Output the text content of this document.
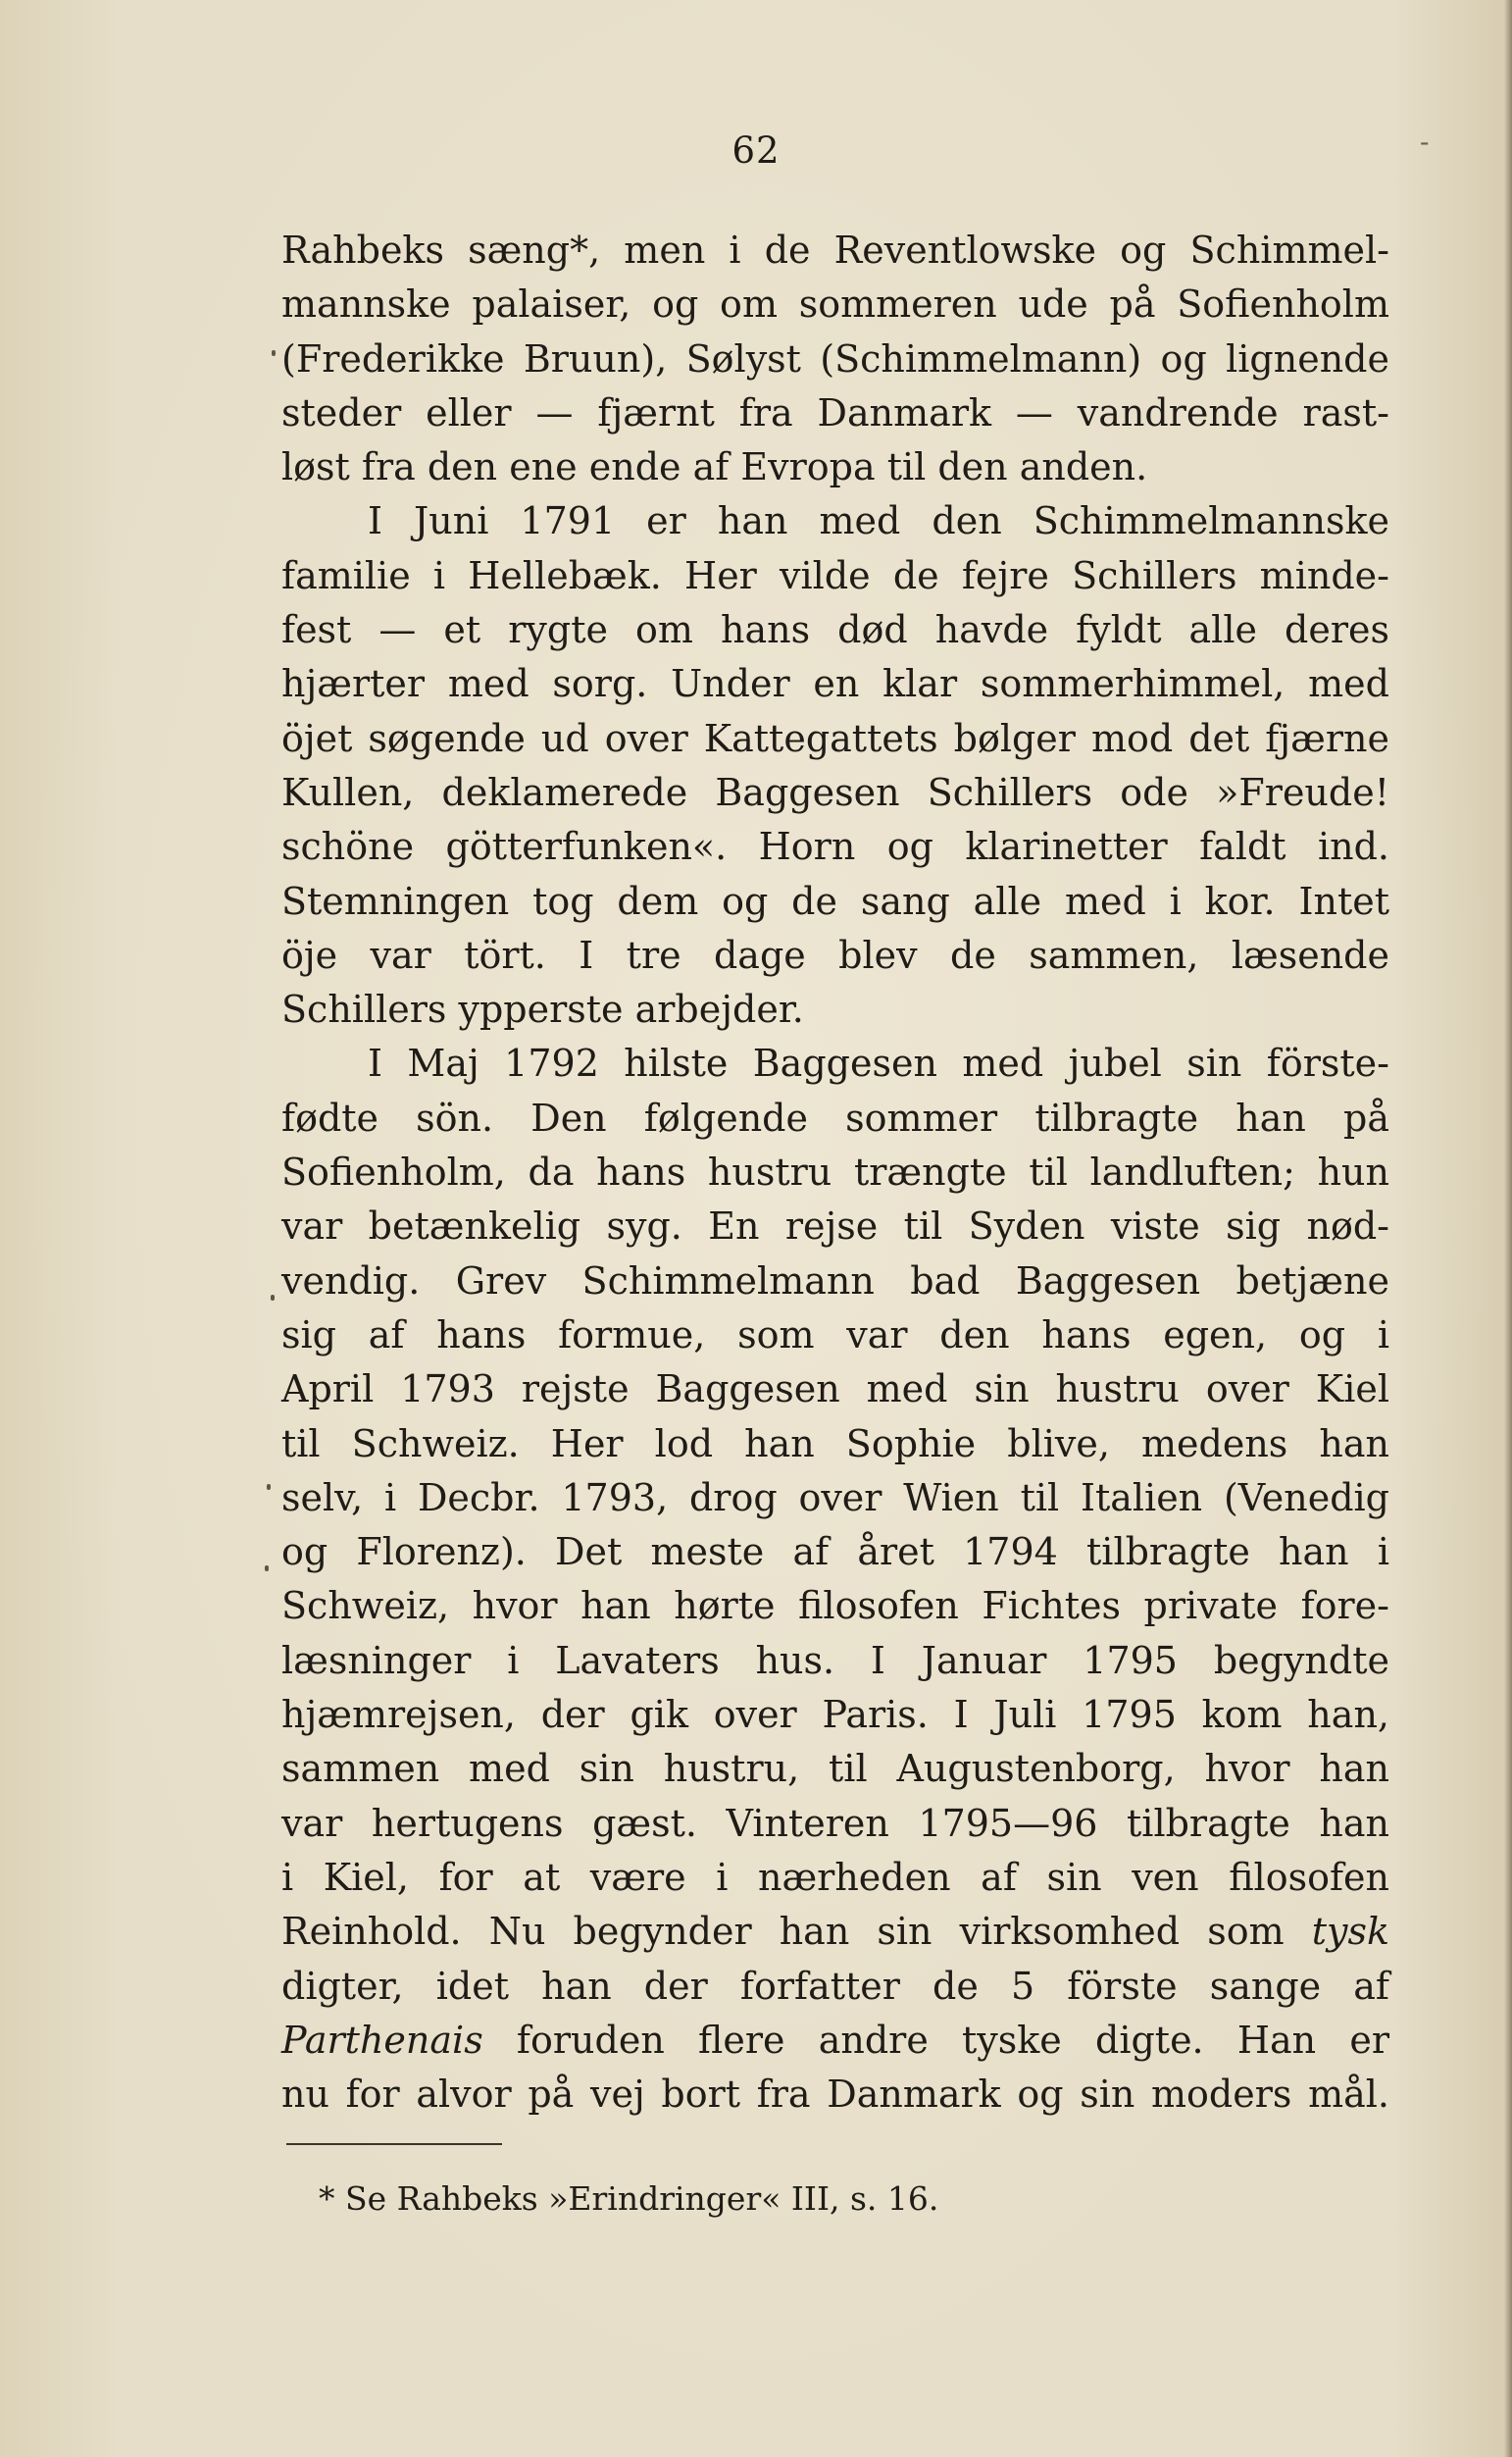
62	-
Rahbeks sæng*, men i de Reventlowske og Schimmel-
mannske palaiser, og om sommeren ude på Sofienholm
(Frederikke Bruun), Sølyst (Schimmelmann) og lignende
steder eller — fjærnt fra Danmark — vandrende rast-
løst fra den ene ende af Evropa til den anden.
I Juni 1791 er han med den Schimmelmannske
familie i Hellebæk. Her vilde de fejre Schillers minde-
fest — et rygte om hans død havde fyldt alle deres
hjærter med sorg. Under en klar sommerhimmel, med
öjet søgende ud over Kattegattets bølger mod det fjærne
Kullen, deklamerede Baggesen Schillers ode »Freude!
schöne götterfunken«. Horn og klarinetter faldt ind.
Stemningen tog dem og de sang alle med i kor. Intet
öje var tört. I tre dage blev de sammen, læsende
Schillers ypperste arbejder.
I Maj 1792 hilste Baggesen med jubel sin förste-
fødte sön. Den følgende sommer tilbragte han på
Sofienholm, da hans hustru trængte til landluften; hun
var betænkelig syg. En rejse til Syden viste sig nød-
vendig. Grev Schimmelmann bad Baggesen betjæne
sig af hans formue, som var den hans egen, og i
April 1793 rejste Baggesen med sin hustru over Kiel
til Schweiz. Her lod han Sophie blive, medens han
selv, i Decbr. 1793, drog over Wien til Italien (Venedig
og Florenz). Det meste af året 1794 tilbragte han i
Schweiz, hvor han hørte filosofen Fichtes private fore-
læsninger i Lavaters hus. I Januar 1795 begyndte
hjæmrejsen, der gik over Paris. I Juli 1795 kom han,
sammen med sin hustru, til Augustenborg, hvor han
var hertugens gæst. Vinteren 1795—96 tilbragte han
i Kiel, for at være i nærheden af sin ven filosofen
Reinhold. Nu begynder han sin virksomhed som tysk
digter, idet han der forfatter de 5 förste sange af
Parthenais foruden flere andre tyske digte. Han er
nu for alvor på vej bort fra Danmark og sin moders mål.
* Se Rahbeks »Erindringer« III, s. 16.
